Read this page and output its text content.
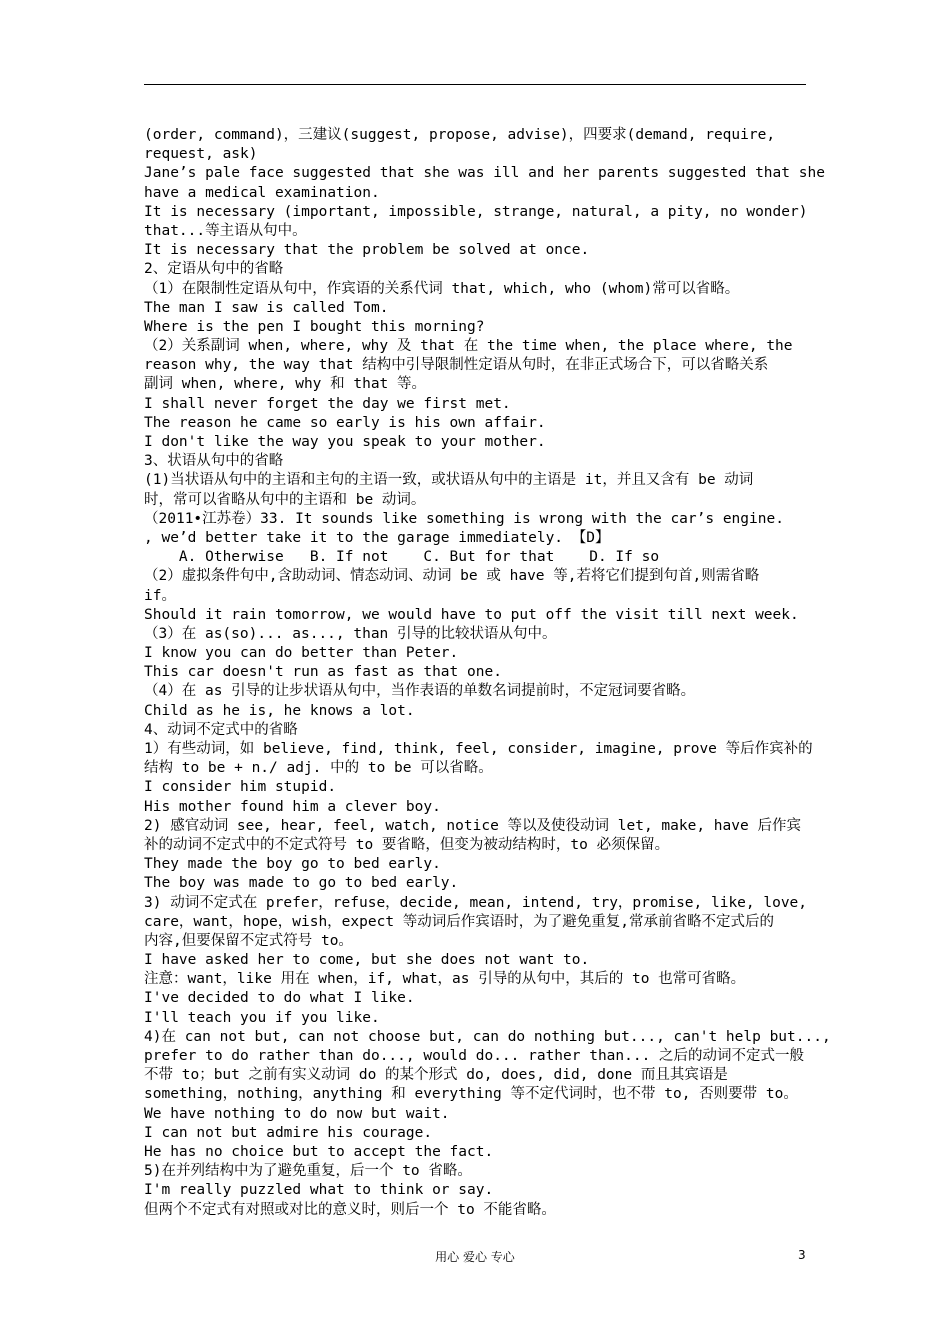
(order, command)，三建议(suggest, propose, advise)，四要求(demand, require,
request, ask)
Jane’s pale face suggested that she was ill and her parents suggested that she
have a medical examination.
It is necessary (important, impossible, strange, natural, a pity, no wonder)
that...等主语从句中。
It is necessary that the problem be solved at once.
2、定语从句中的省略
（1）在限制性定语从句中，作宾语的关系代词 that, which, who (whom)常可以省略。
The man I saw is called Tom.
Where is the pen I bought this morning?
（2）关系副词 when, where, why 及 that 在 the time when, the place where, the
reason why, the way that 结构中引导限制性定语从句时，在非正式场合下，可以省略关系
副词 when, where, why 和 that 等。
I shall never forget the day we first met.
The reason he came so early is his own affair.
I don't like the way you speak to your mother.
3、状语从句中的省略
(1)当状语从句中的主语和主句的主语一致，或状语从句中的主语是 it，并且又含有 be 动词
时，常可以省略从句中的主语和 be 动词。
（2011•江苏卷）33. It sounds like something is wrong with the car’s engine.
, we’d better take it to the garage immediately. 【D】
A. Otherwise   B. If not    C. But for that    D. If so
（2）虚拟条件句中,含助动词、情态动词、动词 be 或 have 等,若将它们提到句首,则需省略
if。
Should it rain tomorrow, we would have to put off the visit till next week.
（3）在 as(so)... as..., than 引导的比较状语从句中。
I know you can do better than Peter.
This car doesn't run as fast as that one.
（4）在 as 引导的让步状语从句中，当作表语的单数名词提前时，不定冠词要省略。
Child as he is, he knows a lot.
4、动词不定式中的省略
1）有些动词，如 believe, find, think, feel, consider, imagine, prove 等后作宾补的
结构 to be + n./ adj. 中的 to be 可以省略。
I consider him stupid.
His mother found him a clever boy.
2) 感官动词 see, hear, feel, watch, notice 等以及使役动词 let, make, have 后作宾
补的动词不定式中的不定式符号 to 要省略，但变为被动结构时，to 必须保留。
They made the boy go to bed early.
The boy was made to go to bed early.
3) 动词不定式在 prefer，refuse，decide, mean, intend, try，promise, like, love,
care，want，hope，wish，expect 等动词后作宾语时，为了避免重复,常承前省略不定式后的
内容,但要保留不定式符号 to。
I have asked her to come, but she does not want to.
注意：want，like 用在 when，if, what，as 引导的从句中，其后的 to 也常可省略。
I've decided to do what I like.
I'll teach you if you like.
4)在 can not but, can not choose but, can do nothing but..., can't help but...,
prefer to do rather than do..., would do... rather than... 之后的动词不定式一般
不带 to；but 之前有实义动词 do 的某个形式 do, does, did, done 而且其宾语是
something，nothing，anything 和 everything 等不定代词时，也不带 to, 否则要带 to。
We have nothing to do now but wait.
I can not but admire his courage.
He has no choice but to accept the fact.
5)在并列结构中为了避免重复，后一个 to 省略。
I'm really puzzled what to think or say.
但两个不定式有对照或对比的意义时，则后一个 to 不能省略。
用心 爱心 专心	3
